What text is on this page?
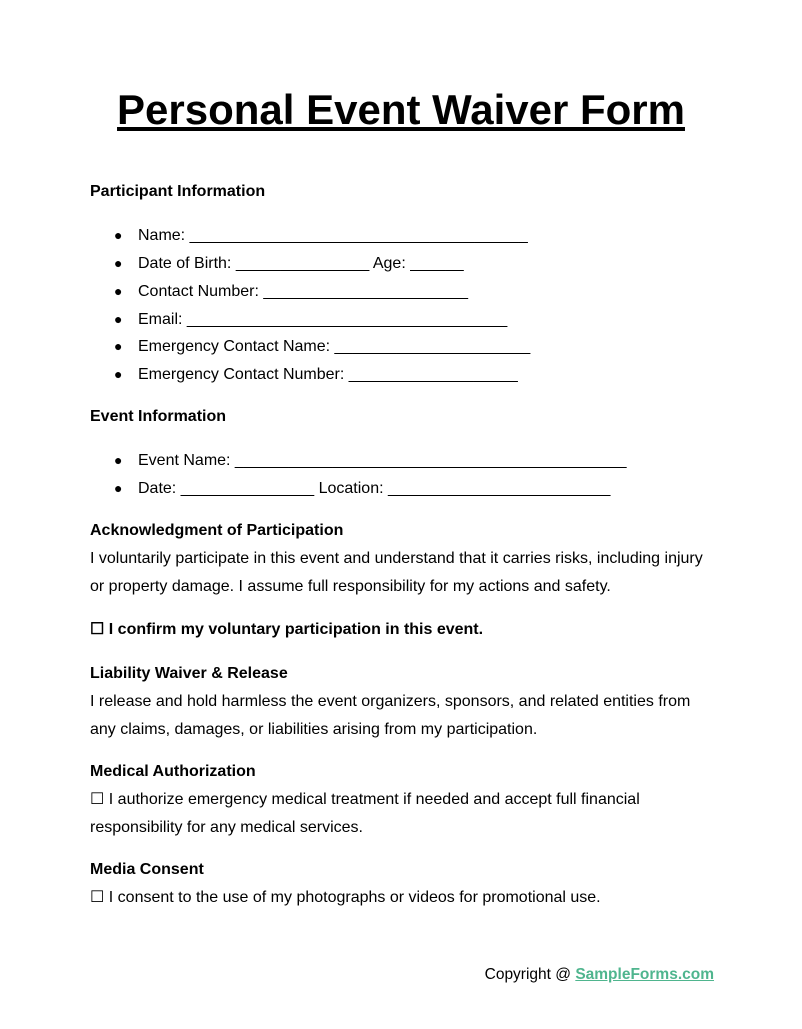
Personal Event Waiver Form

Participant Information

● Name: ______________________________________

● Date of Birth: _______________ Age: ______

● Contact Number: _______________________

● Email: ____________________________________

● Emergency Contact Name: ______________________

● Emergency Contact Number: ___________________

Event Information

● Event Name: ____________________________________________

● Date: _______________ Location: _________________________

Acknowledgment of Participation

I voluntarily participate in this event and understand that it carries risks, including injury or property damage. I assume full responsibility for my actions and safety.

☐ I confirm my voluntary participation in this event.

Liability Waiver & Release

I release and hold harmless the event organizers, sponsors, and related entities from any claims, damages, or liabilities arising from my participation.

Medical Authorization

☐ I authorize emergency medical treatment if needed and accept full financial responsibility for any medical services.

Media Consent

☐ I consent to the use of my photographs or videos for promotional use.

Copyright @ SampleForms.com
